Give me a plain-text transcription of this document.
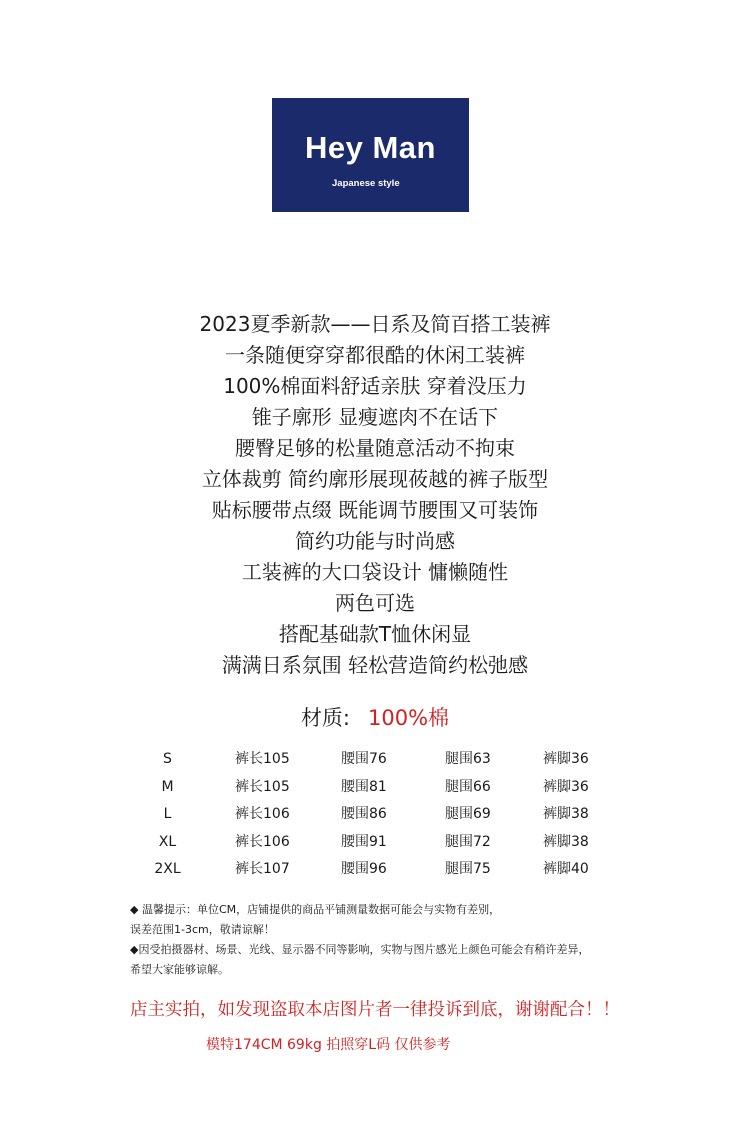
Hey Man
Japanese style
2023夏季新款——日系及简百搭工装裤
一条随便穿穿都很酷的休闲工装裤
100%棉面料舒适亲肤 穿着没压力
锥子廓形 显瘦遮肉不在话下
腰臀足够的松量随意活动不拘束
立体裁剪 简约廓形展现莜越的裤子版型
贴标腰带点缀 既能调节腰围又可装饰
简约功能与时尚感
工装裤的大口袋设计 慵懒随性
两色可选
搭配基础款T恤休闲显
满满日系氛围 轻松营造简约松弛感
材质: 100%棉
S	裤长105	腰围76	腿围63	裤脚36
M	裤长105	腰围81	腿围66	裤脚36
L	裤长106	腰围86	腿围69	裤脚38
XL	裤长106	腰围91	腿围72	裤脚38
2XL	裤长107	腰围96	腿围75	裤脚40

◆ 温馨提示：单位CM，店铺提供的商品平铺测量数据可能会与实物有差别，

误差范围1-3cm，敬请谅解！

◆因受拍摄器材、场景、光线、显示器不同等影响，实物与图片感光上颜色可能会有稍许差异，

希望大家能够谅解。

店主实拍，如发现盗取本店图片者一律投诉到底，谢谢配合！！
模特174CM 69kg 拍照穿L码 仅供参考
